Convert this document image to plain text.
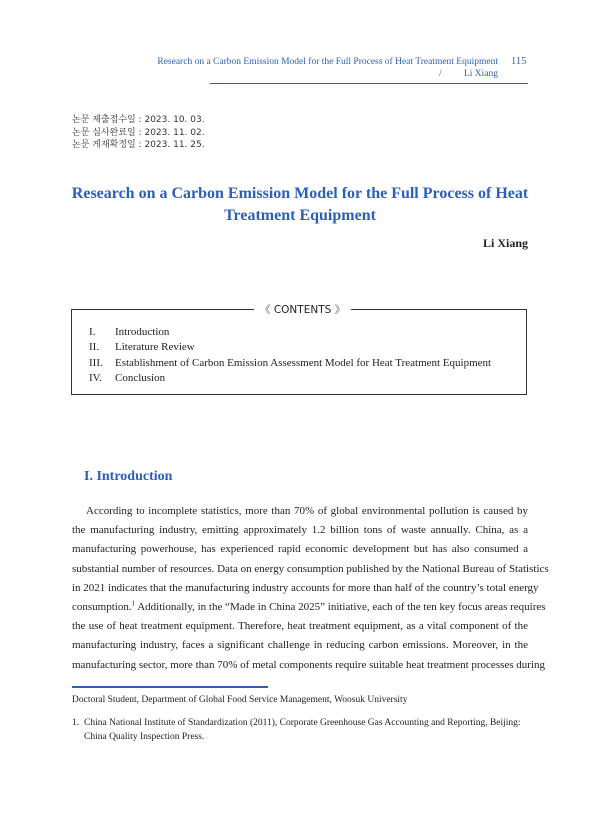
Research on a Carbon Emission Model for the Full Process of Heat Treatment Equipment
/	Li Xiang
115
논문 제출접수일 : 2023. 10. 03.
논문 심사완료일 : 2023. 11. 02.
논문 게재확정일 : 2023. 11. 25.
Research on a Carbon Emission Model for the Full Process of Heat
Treatment Equipment
Li Xiang
《 CONTENTS 》
I.	Introduction
II.	Literature Review
III.	Establishment of Carbon Emission Assessment Model for Heat Treatment Equipment
IV.	Conclusion
I. Introduction
According to incomplete statistics, more than 70% of global environmental pollution is caused by
the manufacturing industry, emitting approximately 1.2 billion tons of waste annually. China, as a
manufacturing powerhouse, has experienced rapid economic development but has also consumed a
substantial number of resources. Data on energy consumption published by the National Bureau of Statistics
in 2021 indicates that the manufacturing industry accounts for more than half of the country’s total energy
consumption.$^1$ Additionally, in the “Made in China 2025” initiative, each of the ten key focus areas requires
the use of heat treatment equipment. Therefore, heat treatment equipment, as a vital component of the
manufacturing industry, faces a significant challenge in reducing carbon emissions. Moreover, in the
manufacturing sector, more than 70% of metal components require suitable heat treatment processes during
Doctoral Student, Department of Global Food Service Management, Woosuk University
1. China National Institute of Standardization (2011), Corporate Greenhouse Gas Accounting and Reporting, Beijing:
China Quality Inspection Press.
